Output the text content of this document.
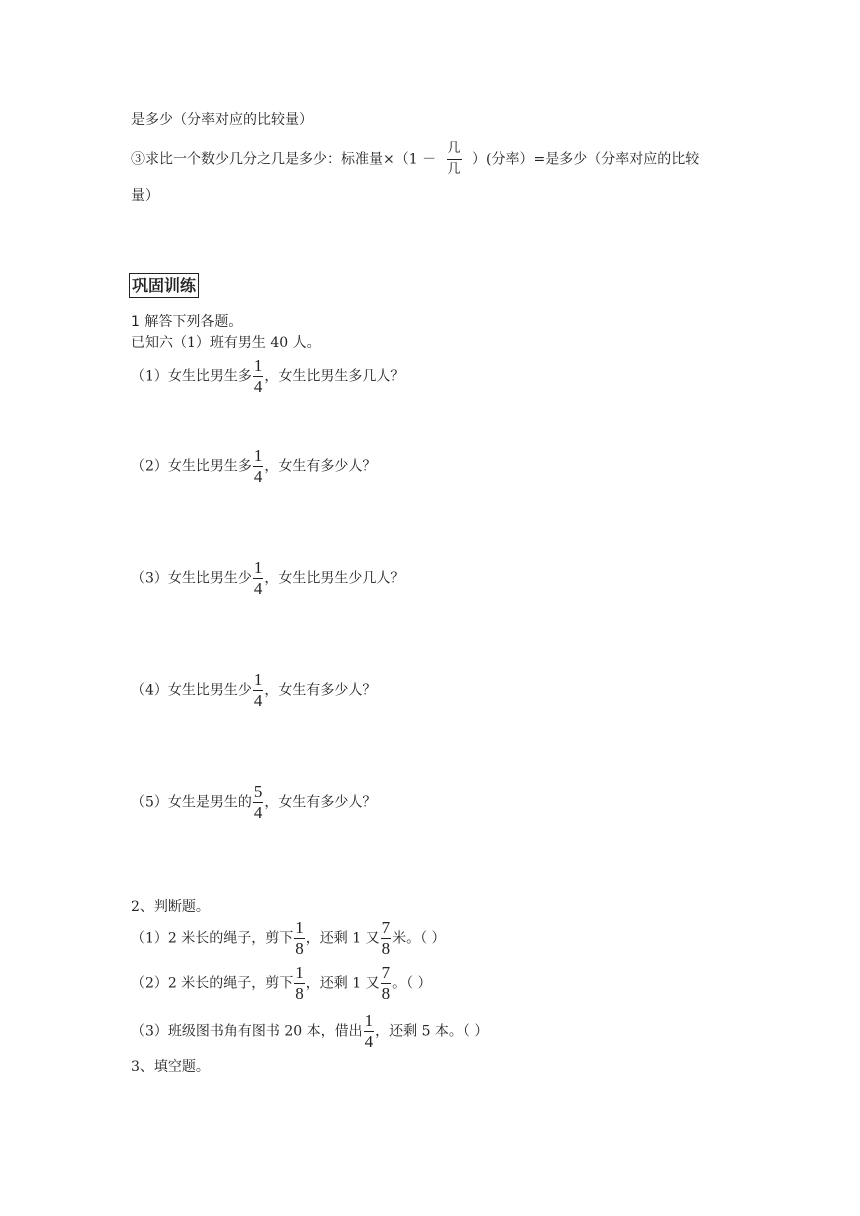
是多少（分率对应的比较量）
③求比一个数少几分之几是多少：标准量$\times(1 - \frac{\text{几}}{\text{几}}$ ）(分率）=是多少（分率对应的比较
量）
巩固训练
1 解答下列各题。
已知六（1）班有男生 40 人。
（1）女生比男生多 $\frac{1}{4}$ ，女生比男生多几人？
（2）女生比男生多 $\frac{1}{4}$ ，女生有多少人？
（3）女生比男生少 $\frac{1}{4}$ ，女生比男生少几人？
（4）女生比男生少 $\frac{1}{4}$ ，女生有多少人？
（5）女生是男生的 $\frac{5}{4}$ ，女生有多少人？
2、判断题。
（1）2 米长的绳子，剪下 $\frac{1}{8}$ ，还剩 1 又 $\frac{7}{8}$ 米。（ ）
（2）2 米长的绳子，剪下 $\frac{1}{8}$ ，还剩 1 又 $\frac{7}{8}$ 。（ ）
（3）班级图书角有图书 20 本，借出 $\frac{1}{4}$ ，还剩 5 本。（ ）
3、填空题。
